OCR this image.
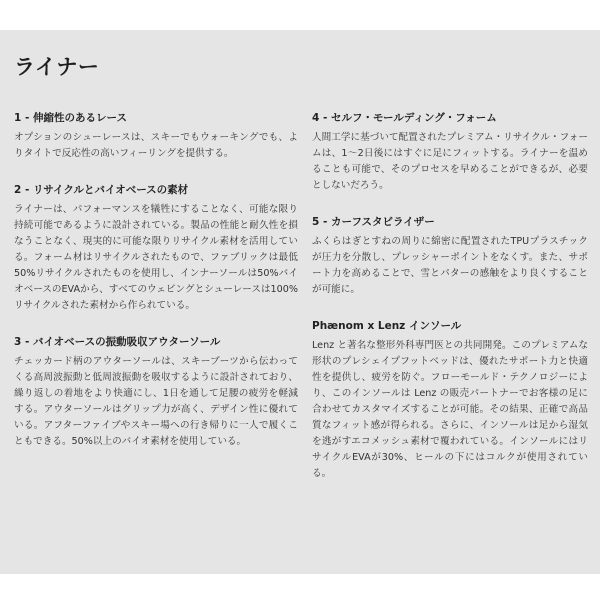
ライナー

1 - 伸縮性のあるレース

オプションのシューレースは、スキーでもウォーキングでも、よりタイトで反応性の高いフィーリングを提供する。

2 - リサイクルとバイオベースの素材

ライナーは、パフォーマンスを犠牲にすることなく、可能な限り持続可能であるように設計されている。製品の性能と耐久性を損なうことなく、現実的に可能な限りリサイクル素材を活用している。フォーム材はリサイクルされたもので、ファブリックは最低50%リサイクルされたものを使用し、インナーソールは50%バイオベースのEVAから、すべてのウェビングとシューレースは100%リサイクルされた素材から作られている。

3 - バイオベースの振動吸収アウターソール

チェッカード柄のアウターソールは、スキーブーツから伝わってくる高周波振動と低周波振動を吸収するように設計されており、繰り返しの着地をより快適にし、1日を通して足腰の疲労を軽減する。アウターソールはグリップ力が高く、デザイン性に優れている。アフターファイブやスキー場への行き帰りに一人で履くこともできる。50%以上のバイオ素材を使用している。

4 - セルフ・モールディング・フォーム

人間工学に基づいて配置されたプレミアム・リサイクル・フォームは、1〜2日後にはすぐに足にフィットする。ライナーを温めることも可能で、そのプロセスを早めることができるが、必要としないだろう。

5 - カーフスタビライザー

ふくらはぎとすねの周りに綿密に配置されたTPUプラスチックが圧力を分散し、プレッシャーポイントをなくす。また、サポート力を高めることで、雪とパターの感触をより良くすることが可能に。

Phænom x Lenz インソール

Lenz と著名な整形外科専門医との共同開発。このプレミアムな形状のプレシェイプフットベッドは、優れたサポート力と快適性を提供し、疲労を防ぐ。フローモールド・テクノロジーにより、このインソールは Lenz の販売パートナーでお客様の足に合わせてカスタマイズすることが可能。その結果、正確で高品質なフィット感が得られる。さらに、インソールは足から湿気を逃がすエコメッシュ素材で覆われている。インソールにはリサイクルEVAが30%、ヒールの下にはコルクが使用されている。
